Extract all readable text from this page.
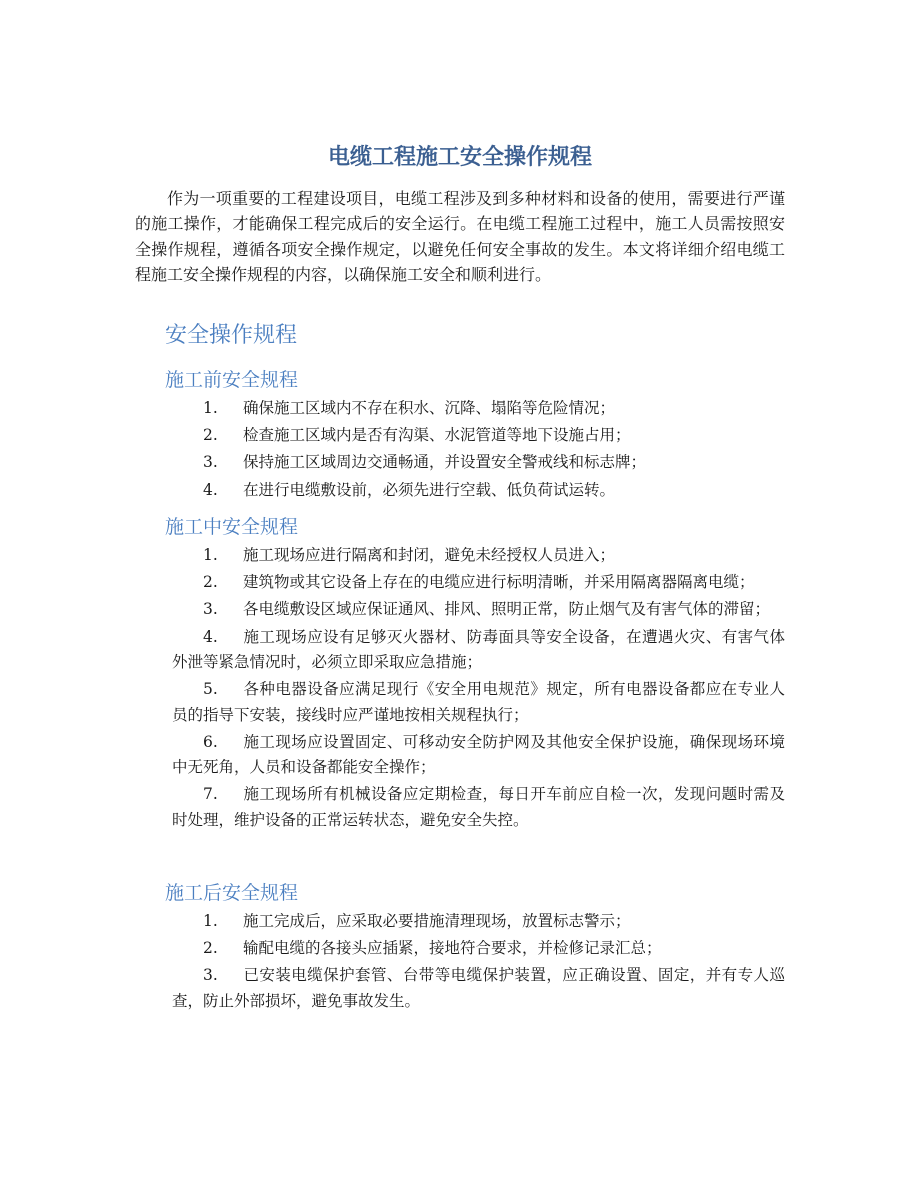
电缆工程施工安全操作规程

作为一项重要的工程建设项目，电缆工程涉及到多种材料和设备的使用，需要进行严谨的施工操作，才能确保工程完成后的安全运行。在电缆工程施工过程中，施工人员需按照安全操作规程，遵循各项安全操作规定，以避免任何安全事故的发生。本文将详细介绍电缆工程施工安全操作规程的内容，以确保施工安全和顺利进行。

安全操作规程
施工前安全规程
1. 确保施工区域内不存在积水、沉降、塌陷等危险情况；
2. 检查施工区域内是否有沟渠、水泥管道等地下设施占用；
3. 保持施工区域周边交通畅通，并设置安全警戒线和标志牌；
4. 在进行电缆敷设前，必须先进行空载、低负荷试运转。
施工中安全规程
1. 施工现场应进行隔离和封闭，避免未经授权人员进入；
2. 建筑物或其它设备上存在的电缆应进行标明清晰，并采用隔离器隔离电缆；
3. 各电缆敷设区域应保证通风、排风、照明正常，防止烟气及有害气体的滞留；
4. 施工现场应设有足够灭火器材、防毒面具等安全设备，在遭遇火灾、有害气体外泄等紧急情况时，必须立即采取应急措施；
5. 各种电器设备应满足现行《安全用电规范》规定，所有电器设备都应在专业人员的指导下安装，接线时应严谨地按相关规程执行；
6. 施工现场应设置固定、可移动安全防护网及其他安全保护设施，确保现场环境中无死角，人员和设备都能安全操作；
7. 施工现场所有机械设备应定期检查，每日开车前应自检一次，发现问题时需及时处理，维护设备的正常运转状态，避免安全失控。
施工后安全规程
1. 施工完成后，应采取必要措施清理现场，放置标志警示；
2. 输配电缆的各接头应插紧，接地符合要求，并检修记录汇总；
3. 已安装电缆保护套管、台带等电缆保护装置，应正确设置、固定，并有专人巡查，防止外部损坏，避免事故发生。
